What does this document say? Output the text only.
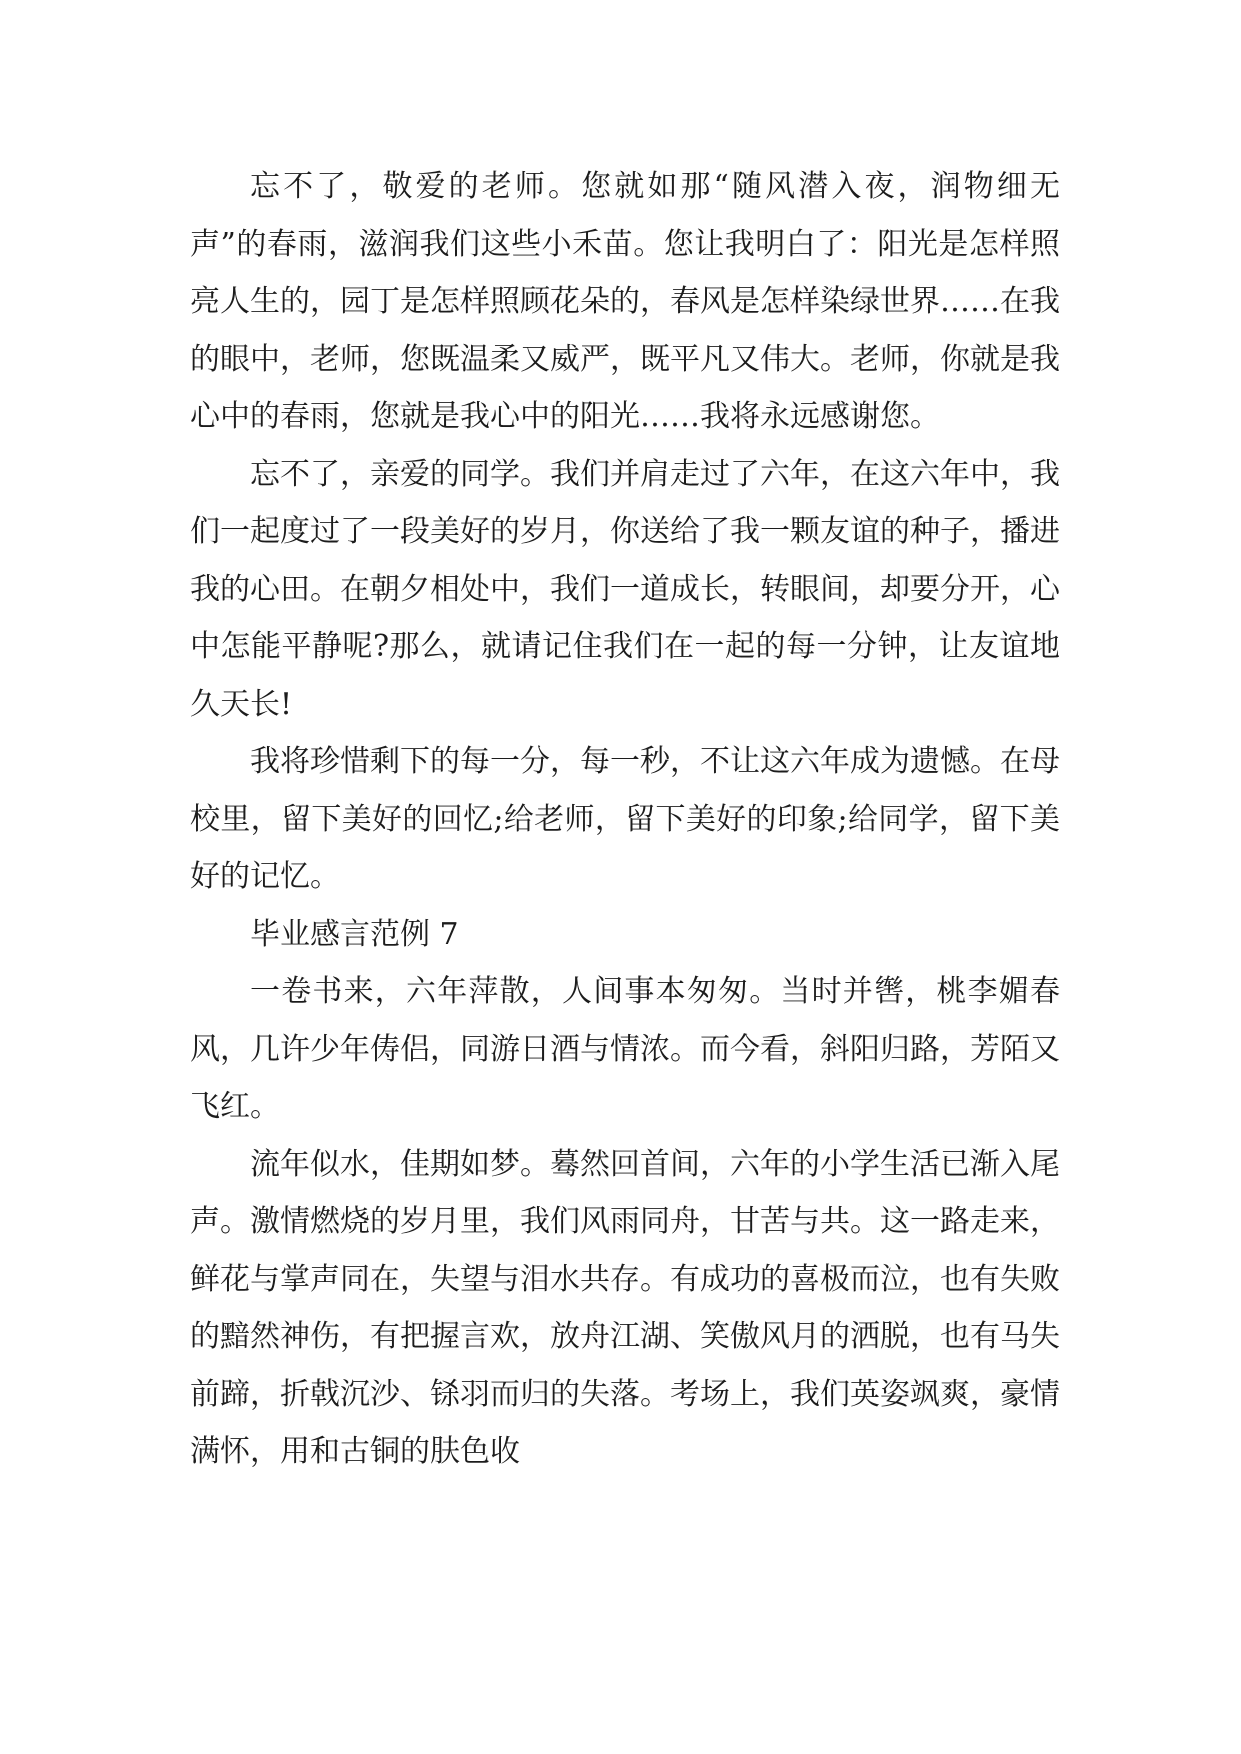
忘不了，敬爱的老师。您就如那“随风潜入夜，润物细无声”的春雨，滋润我们这些小禾苗。您让我明白了：阳光是怎样照亮人生的，园丁是怎样照顾花朵的，春风是怎样染绿世界……在我的眼中，老师，您既温柔又威严，既平凡又伟大。老师，你就是我心中的春雨，您就是我心中的阳光……我将永远感谢您。

忘不了，亲爱的同学。我们并肩走过了六年，在这六年中，我们一起度过了一段美好的岁月，你送给了我一颗友谊的种子，播进我的心田。在朝夕相处中，我们一道成长，转眼间，却要分开，心中怎能平静呢?那么，就请记住我们在一起的每一分钟，让友谊地久天长!

我将珍惜剩下的每一分，每一秒，不让这六年成为遗憾。在母校里，留下美好的回忆;给老师，留下美好的印象;给同学，留下美好的记忆。

毕业感言范例 7

一卷书来，六年萍散，人间事本匆匆。当时并辔，桃李媚春风，几许少年俦侣，同游日酒与情浓。而今看，斜阳归路，芳陌又飞红。

流年似水，佳期如梦。蓦然回首间，六年的小学生活已渐入尾声。激情燃烧的岁月里，我们风雨同舟，甘苦与共。这一路走来，鲜花与掌声同在，失望与泪水共存。有成功的喜极而泣，也有失败的黯然神伤，有把握言欢，放舟江湖、笑傲风月的洒脱，也有马失前蹄，折戟沉沙、铩羽而归的失落。考场上，我们英姿飒爽，豪情满怀，用和古铜的肤色收
